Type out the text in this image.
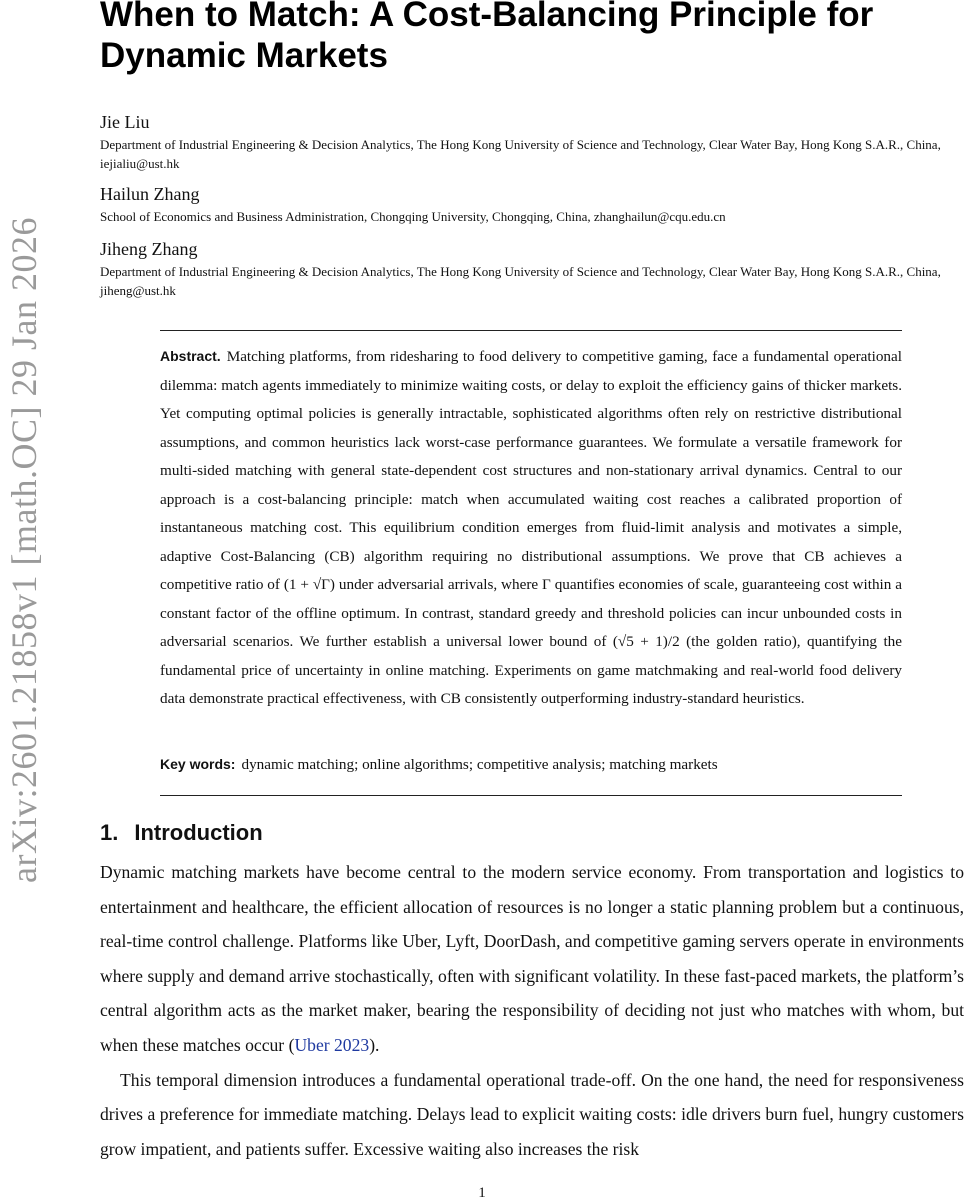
arXiv:2601.21858v1 [math.OC] 29 Jan 2026
When to Match: A Cost-Balancing Principle for Dynamic Markets
Jie Liu
Department of Industrial Engineering & Decision Analytics, The Hong Kong University of Science and Technology, Clear Water Bay, Hong Kong S.A.R., China, iejialiu@ust.hk
Hailun Zhang
School of Economics and Business Administration, Chongqing University, Chongqing, China, zhanghailun@cqu.edu.cn
Jiheng Zhang
Department of Industrial Engineering & Decision Analytics, The Hong Kong University of Science and Technology, Clear Water Bay, Hong Kong S.A.R., China, jiheng@ust.hk
Abstract. Matching platforms, from ridesharing to food delivery to competitive gaming, face a fundamental operational dilemma: match agents immediately to minimize waiting costs, or delay to exploit the efficiency gains of thicker markets. Yet computing optimal policies is generally intractable, sophisticated algorithms often rely on restrictive distributional assumptions, and common heuristics lack worst-case performance guarantees. We formulate a versatile framework for multi-sided matching with general state-dependent cost structures and non-stationary arrival dynamics. Central to our approach is a cost-balancing principle: match when accumulated waiting cost reaches a calibrated proportion of instantaneous matching cost. This equilibrium condition emerges from fluid-limit analysis and motivates a simple, adaptive Cost-Balancing (CB) algorithm requiring no distributional assumptions. We prove that CB achieves a competitive ratio of (1 + √Γ) under adversarial arrivals, where Γ quantifies economies of scale, guaranteeing cost within a constant factor of the offline optimum. In contrast, standard greedy and threshold policies can incur unbounded costs in adversarial scenarios. We further establish a universal lower bound of (√5 + 1)/2 (the golden ratio), quantifying the fundamental price of uncertainty in online matching. Experiments on game matchmaking and real-world food delivery data demonstrate practical effectiveness, with CB consistently outperforming industry-standard heuristics.
Key words: dynamic matching; online algorithms; competitive analysis; matching markets
1. Introduction

Dynamic matching markets have become central to the modern service economy. From transportation and logistics to entertainment and healthcare, the efficient allocation of resources is no longer a static planning problem but a continuous, real-time control challenge. Platforms like Uber, Lyft, DoorDash, and competitive gaming servers operate in environments where supply and demand arrive stochastically, often with significant volatility. In these fast-paced markets, the platform’s central algorithm acts as the market maker, bearing the responsibility of deciding not just who matches with whom, but when these matches occur (Uber 2023).

This temporal dimension introduces a fundamental operational trade-off. On the one hand, the need for responsiveness drives a preference for immediate matching. Delays lead to explicit waiting costs: idle drivers burn fuel, hungry customers grow impatient, and patients suffer. Excessive waiting also increases the risk

1
